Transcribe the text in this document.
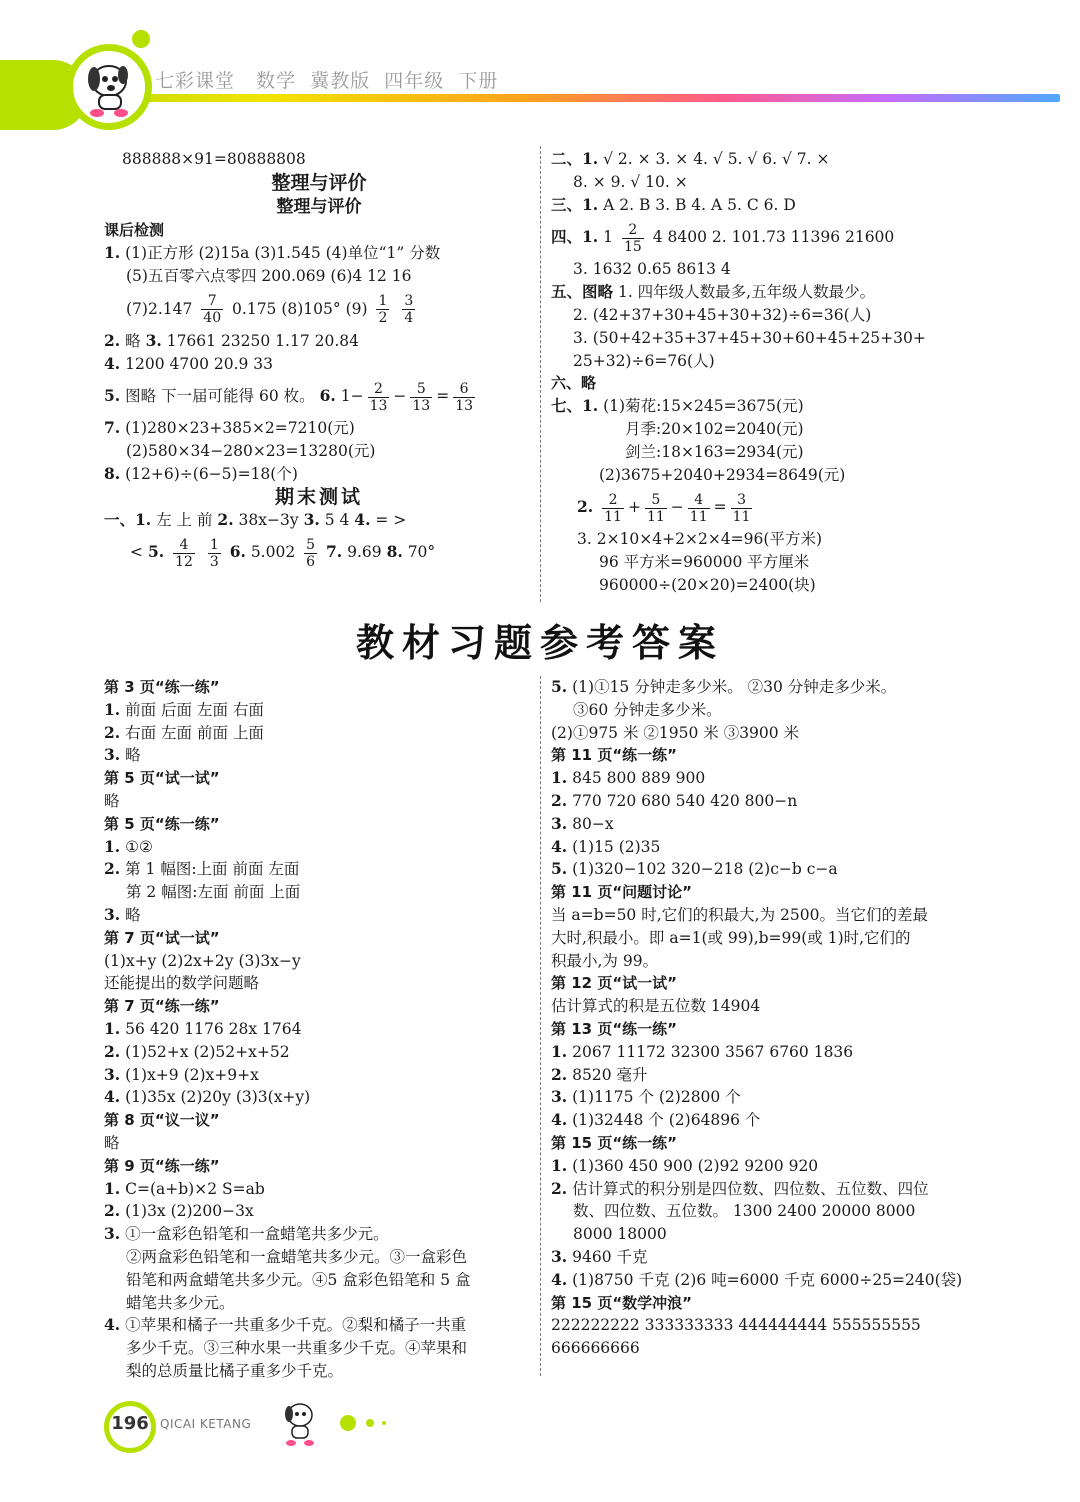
七彩课堂   数学  冀教版  四年级  下册
888888×91=80888808
整理与评价
整理与评价
课后检测
1. (1)正方形 (2)15a (3)1.545 (4)单位“1” 分数
(5)五百零六点零四 200.069 (6)4 12 16
$(7)2.147 \frac{7}{40} 0.175$ (8)105° $(9) \frac{1}{2}$
$\frac{3}{4}$
2. 略 3. 17661 23250 1.17 20.84
4. 1200 4700 20.9 33
5. 图略 下一届可能得 60 枚。 6. $1- \frac{2}{13} - \frac{5}{13} = \frac{6}{13}$
7. (1)280×23+385×2=7210(元)
(2)580×34−280×23=13280(元)
8. (12+6)÷(6−5)=18(个)
期末测试
一、1. 左 上 前 2. 38x−3y 3. 5 4 4. = >
< 5. $\frac{4}{12}$
$\frac{1}{3} 6$. $5.002 \frac{5}{6} 7$. 9.69 8. 70°
二、1. √ 2. × 3. × 4. √ 5. √ 6. √ 7. ×
8. × 9. √ 10. ×
三、1. A 2. B 3. B 4. A 5. C 6. D
四、1. $1 \frac{2}{15} 4$ 8400 2. 101.73 11396 21600
3. 1632 0.65 8613 4
五、图略 1. 四年级人数最多,五年级人数最少。
2. (42+37+30+45+30+32)÷6=36(人)
3. (50+42+35+37+45+30+60+45+25+30+
25+32)÷6=76(人)
六、略
七、1. (1)菊花:15×245=3675(元)
月季:20×102=2040(元)
剑兰:18×163=2934(元)
(2)3675+2040+2934=8649(元)
2. $\frac{2}{11} + \frac{5}{11} - \frac{4}{11} = \frac{3}{11}$
3. 2×10×4+2×2×4=96(平方米)
96 平方米=960000 平方厘米
960000÷(20×20)=2400(块)
教材习题参考答案
第 3 页“练一练”
1. 前面 后面 左面 右面
2. 右面 左面 前面 上面
3. 略
第 5 页“试一试”
略
第 5 页“练一练”
1. ①②
2. 第 1 幅图:上面 前面 左面
第 2 幅图:左面 前面 上面
3. 略
第 7 页“试一试”
(1)x+y (2)2x+2y (3)3x−y
还能提出的数学问题略
第 7 页“练一练”
1. 56 420 1176 28x 1764
2. (1)52+x (2)52+x+52
3. (1)x+9 (2)x+9+x
4. (1)35x (2)20y (3)3(x+y)
第 8 页“议一议”
略
第 9 页“练一练”
1. C=(a+b)×2 S=ab
2. (1)3x (2)200−3x
3. ①一盒彩色铅笔和一盒蜡笔共多少元。
②两盒彩色铅笔和一盒蜡笔共多少元。③一盒彩色
铅笔和两盒蜡笔共多少元。④5 盒彩色铅笔和 5 盒
蜡笔共多少元。
4. ①苹果和橘子一共重多少千克。②梨和橘子一共重
多少千克。③三种水果一共重多少千克。④苹果和
梨的总质量比橘子重多少千克。
5. (1)①15 分钟走多少米。 ②30 分钟走多少米。
③60 分钟走多少米。
(2)①975 米 ②1950 米 ③3900 米
第 11 页“练一练”
1. 845 800 889 900
2. 770 720 680 540 420 800−n
3. 80−x
4. (1)15 (2)35
5. (1)320−102 320−218 (2)c−b c−a
第 11 页“问题讨论”
当 a=b=50 时,它们的积最大,为 2500。当它们的差最
大时,积最小。即 a=1(或 99),b=99(或 1)时,它们的
积最小,为 99。
第 12 页“试一试”
估计算式的积是五位数 14904
第 13 页“练一练”
1. 2067 11172 32300 3567 6760 1836
2. 8520 毫升
3. (1)1175 个 (2)2800 个
4. (1)32448 个 (2)64896 个
第 15 页“练一练”
1. (1)360 450 900 (2)92 9200 920
2. 估计算式的积分别是四位数、四位数、五位数、四位
数、四位数、五位数。 1300 2400 20000 8000
8000 18000
3. 9460 千克
4. (1)8750 千克 (2)6 吨=6000 千克 6000÷25=240(袋)
第 15 页“数学冲浪”
222222222 333333333 444444444 555555555
666666666
196 QICAI KETANG
